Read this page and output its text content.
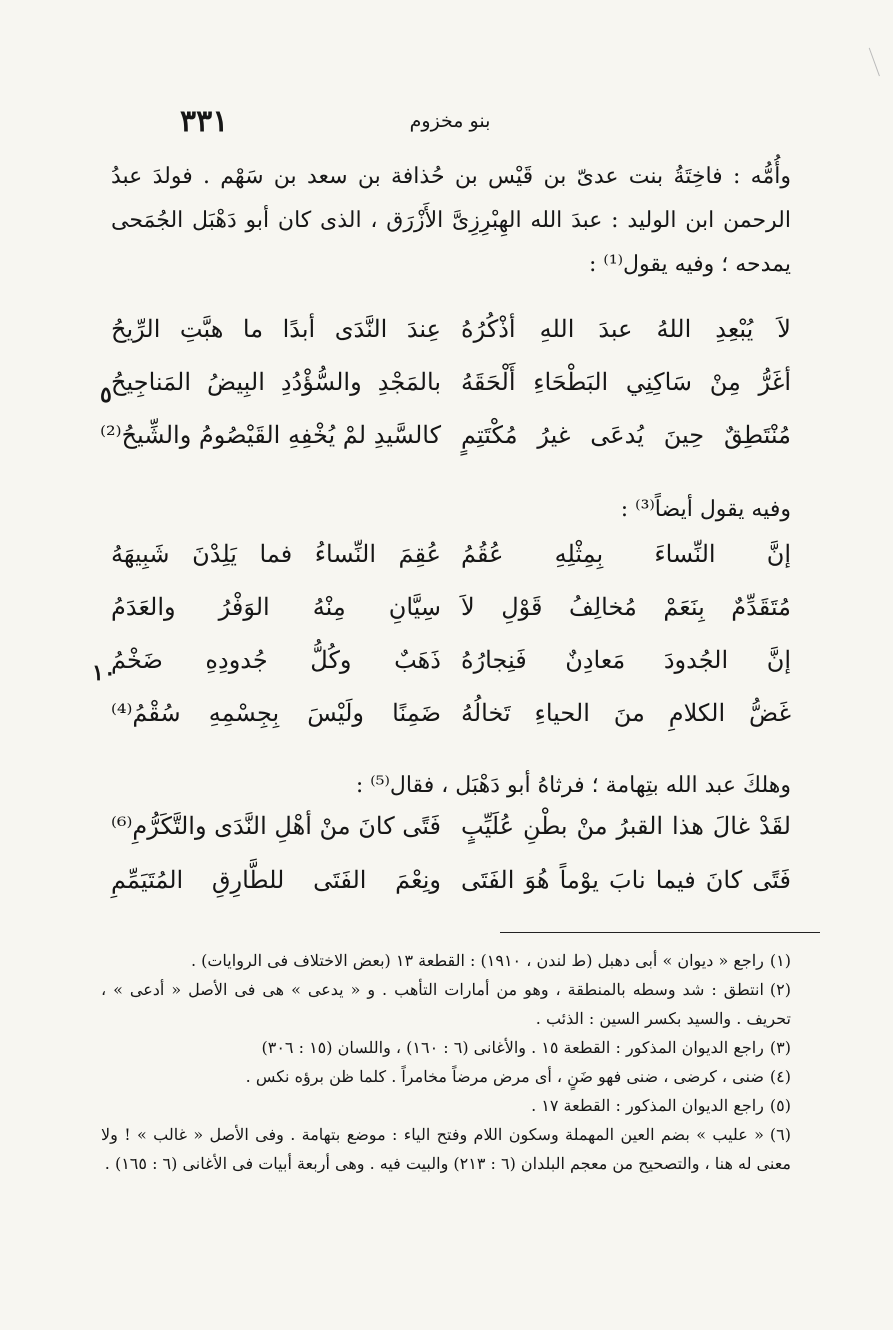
٣٣١	بنو مخزوم
وأُمُّه : فاخِتَةُ بنت عدىّ بن قَيْس بن حُذافة بن سعد بن سَهْم . فولدَ عبدُ الرحمن ابن الوليد : عبدَ الله الهِبْرِزِىَّ الأَزْرَق ، الذى كان أبو دَهْبَل الجُمَحى يمدحه ؛ وفيه يقول⁽¹⁾ :
لاَ يُبْعِدِ اللهُ عبدَ اللهِ أذْكُرُهُ
عِندَ النَّدَى أبدًا ما هبَّتِ الرِّيحُ
أغَرُّ مِنْ سَاكِنِي البَطْحَاءِ أَلْحَقَهُ
بالمَجْدِ والسُّؤْدُدِ البِيضُ المَناجِيحُ
٥
مُنْتَطِقٌ حِينَ يُدعَى غيرُ مُكْتَتِمٍ
كالسَّيدِ لمْ يُخْفِهِ القَيْصُومُ والشِّيحُ⁽²⁾
وفيه يقول أيضاً⁽³⁾ :
إنَّ النِّساءَ بِمِثْلِهِ عُقُمُ
عُقِمَ النِّساءُ فما يَلِدْنَ شَبِيهَهُ
مُتَقَدِّمٌ بِنَعَمْ مُخالِفُ قَوْلِ لاَ
سِيَّانِ مِنْهُ الوَفْرُ والعَدَمُ
إنَّ الجُدودَ مَعادِنٌ فَنِجارُهُ
ذَهَبٌ وكُلُّ جُدودِهِ ضَخْمُ
١٠
غَضُّ الكلامِ منَ الحياءِ تَخالُهُ
ضَمِنًا ولَيْسَ بِجِسْمِهِ سُقْمُ⁽⁴⁾
وهلكَ عبد الله بتِهامة ؛ فرثاهُ أبو دَهْبَل ، فقال⁽⁵⁾ :
لقَدْ غالَ هذا القبرُ منْ بطْنِ عُلَيِّبٍ
فَتًى كانَ منْ أهْلِ النَّدَى والتَّكَرُّمِ⁽⁶⁾
فَتًى كانَ فيما نابَ يوْماً هُوَ الفَتَى
ونِعْمَ الفَتَى للطَّارِقِ المُتَيَمِّمِ

(١)راجع « ديوان » أبى دهبل (ط لندن ، ١٩١٠) : القطعة ١٣ (بعض الاختلاف فى الروايات) .

(٢)انتطق : شد وسطه بالمنطقة ، وهو من أمارات التأهب . و « يدعى » هى فى الأصل « أدعى » ، تحريف . والسيد بكسر السين : الذئب .

(٣)راجع الديوان المذكور : القطعة ١٥ . والأغانى (٦ : ١٦٠) ، واللسان (١٥ : ٣٠٦)

(٤)ضنى ، كرضى ، ضنى فهو ضَنٍ ، أى مرض مرضاً مخامراً . كلما ظن برؤه نكس .

(٥)راجع الديوان المذكور : القطعة ١٧ .

(٦)« عليب » بضم العين المهملة وسكون اللام وفتح الياء : موضع بتهامة . وفى الأصل « غالب » ! ولا معنى له هنا ، والتصحيح من معجم البلدان (٦ : ٢١٣) والبيت فيه . وهى أربعة أبيات فى الأغانى (٦ : ١٦٥) .
